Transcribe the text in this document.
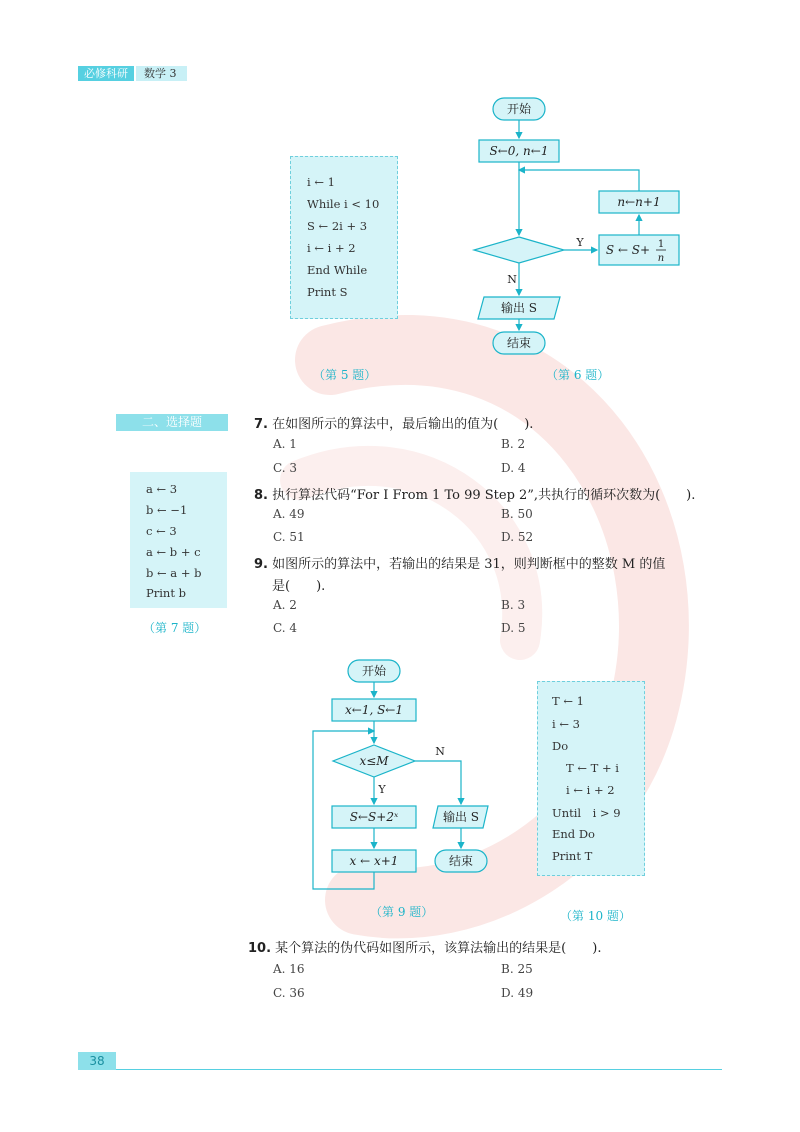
必修科研	数学 3
i ← 1
While i < 10
S ← 2i + 3
i ← i + 2
End While
Print S
（第 5 题）
开始
S←0, n←1
n←n+1
Y
N
S ← S+ 1
n
输出 S
结束
（第 6 题）
二、选择题
a ← 3
b ← −1
c ← 3
a ← b + c
b ← a + b
Print b
（第 7 题）
7. 在如图所示的算法中，最后输出的值为(　　).
A. 1	B. 2
C. 3	D. 4
8. 执行算法代码“For I From 1 To 99 Step 2”,共执行的循环次数为(　　).
A. 49	B. 50
C. 51	D. 52
9. 如图所示的算法中，若输出的结果是 31，则判断框中的整数 M 的值
是(　　).
A. 2	B. 3
C. 4	D. 5
开始
x←1, S←1
x≤M
N
Y
S←S+2ˣ	输出 S
x ← x+1	结束
（第 9 题）
T ← 1
i ← 3
Do
T ← T + i
i ← i + 2
Until　i > 9
End Do
Print T
（第 10 题）
10. 某个算法的伪代码如图所示，该算法输出的结果是(　　).
A. 16	B. 25
C. 36	D. 49
38
